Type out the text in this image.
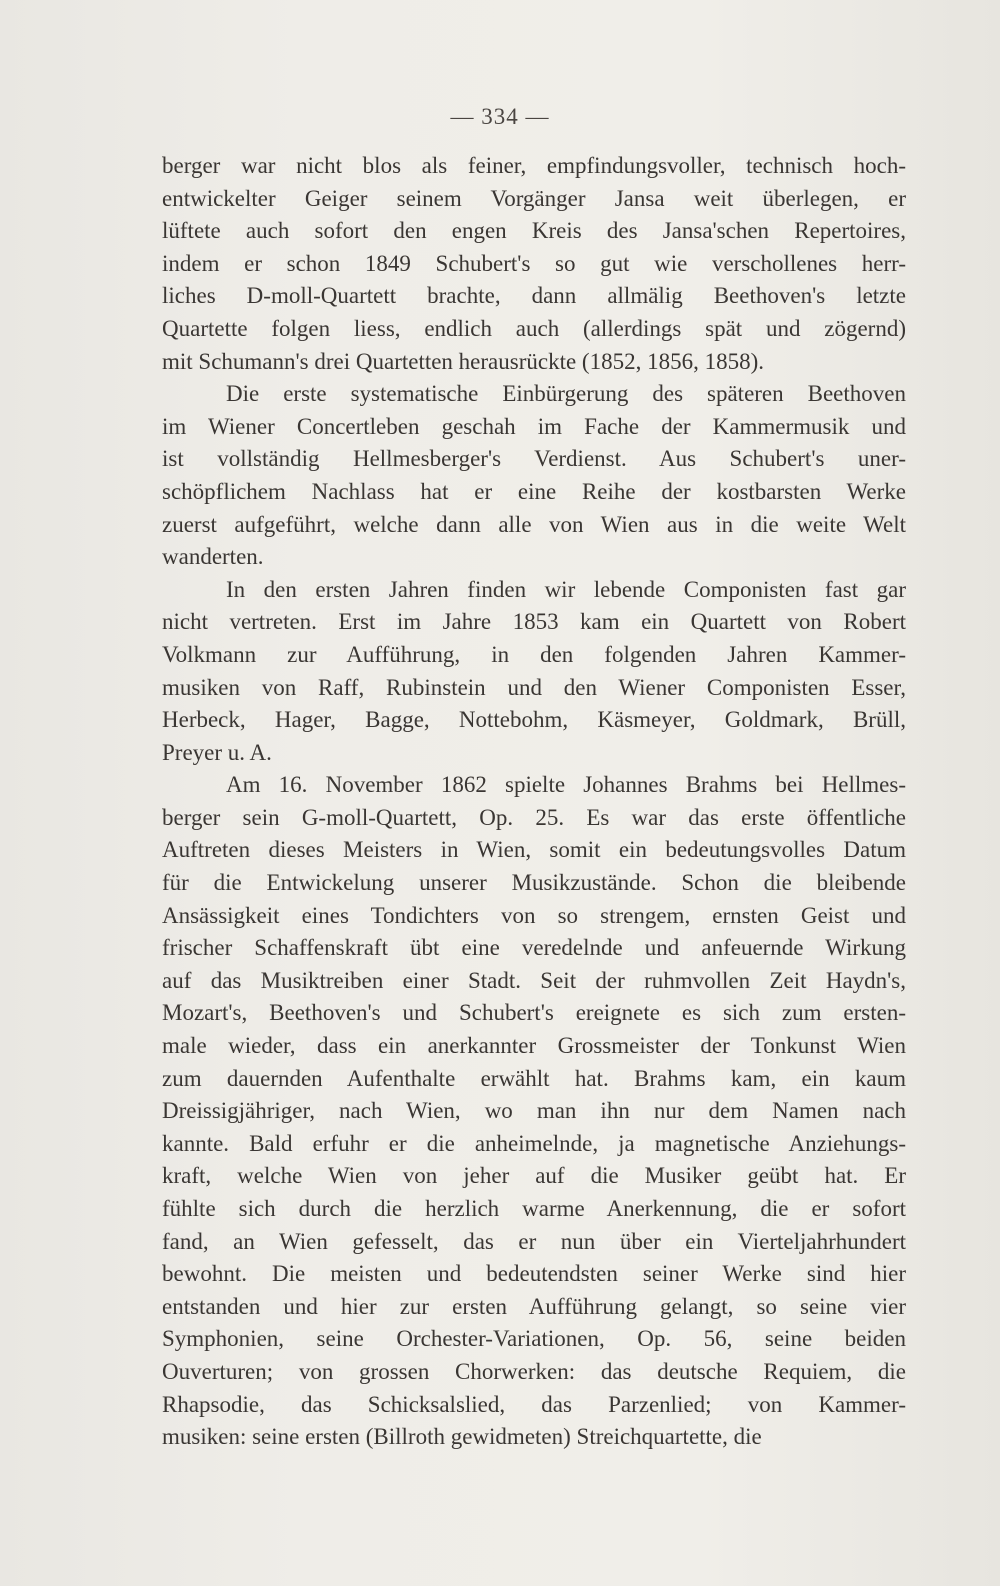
— 334 —
berger war nicht blos als feiner, empfindungsvoller, technisch hoch-
entwickelter Geiger seinem Vorgänger Jansa weit überlegen, er
lüftete auch sofort den engen Kreis des Jansa'schen Repertoires,
indem er schon 1849 Schubert's so gut wie verschollenes herr-
liches D-moll-Quartett brachte, dann allmälig Beethoven's letzte
Quartette folgen liess, endlich auch (allerdings spät und zögernd)
mit Schumann's drei Quartetten herausrückte (1852, 1856, 1858).
Die erste systematische Einbürgerung des späteren Beethoven
im Wiener Concertleben geschah im Fache der Kammermusik und
ist vollständig Hellmesberger's Verdienst. Aus Schubert's uner-
schöpflichem Nachlass hat er eine Reihe der kostbarsten Werke
zuerst aufgeführt, welche dann alle von Wien aus in die weite Welt
wanderten.
In den ersten Jahren finden wir lebende Componisten fast gar
nicht vertreten. Erst im Jahre 1853 kam ein Quartett von Robert
Volkmann zur Aufführung, in den folgenden Jahren Kammer-
musiken von Raff, Rubinstein und den Wiener Componisten Esser,
Herbeck, Hager, Bagge, Nottebohm, Käsmeyer, Goldmark, Brüll,
Preyer u. A.
Am 16. November 1862 spielte Johannes Brahms bei Hellmes-
berger sein G-moll-Quartett, Op. 25. Es war das erste öffentliche
Auftreten dieses Meisters in Wien, somit ein bedeutungsvolles Datum
für die Entwickelung unserer Musikzustände. Schon die bleibende
Ansässigkeit eines Tondichters von so strengem, ernsten Geist und
frischer Schaffenskraft übt eine veredelnde und anfeuernde Wirkung
auf das Musiktreiben einer Stadt. Seit der ruhmvollen Zeit Haydn's,
Mozart's, Beethoven's und Schubert's ereignete es sich zum ersten-
male wieder, dass ein anerkannter Grossmeister der Tonkunst Wien
zum dauernden Aufenthalte erwählt hat. Brahms kam, ein kaum
Dreissigjähriger, nach Wien, wo man ihn nur dem Namen nach
kannte. Bald erfuhr er die anheimelnde, ja magnetische Anziehungs-
kraft, welche Wien von jeher auf die Musiker geübt hat. Er
fühlte sich durch die herzlich warme Anerkennung, die er sofort
fand, an Wien gefesselt, das er nun über ein Vierteljahrhundert
bewohnt. Die meisten und bedeutendsten seiner Werke sind hier
entstanden und hier zur ersten Aufführung gelangt, so seine vier
Symphonien, seine Orchester-Variationen, Op. 56, seine beiden
Ouverturen; von grossen Chorwerken: das deutsche Requiem, die
Rhapsodie, das Schicksalslied, das Parzenlied; von Kammer-
musiken: seine ersten (Billroth gewidmeten) Streichquartette, die
